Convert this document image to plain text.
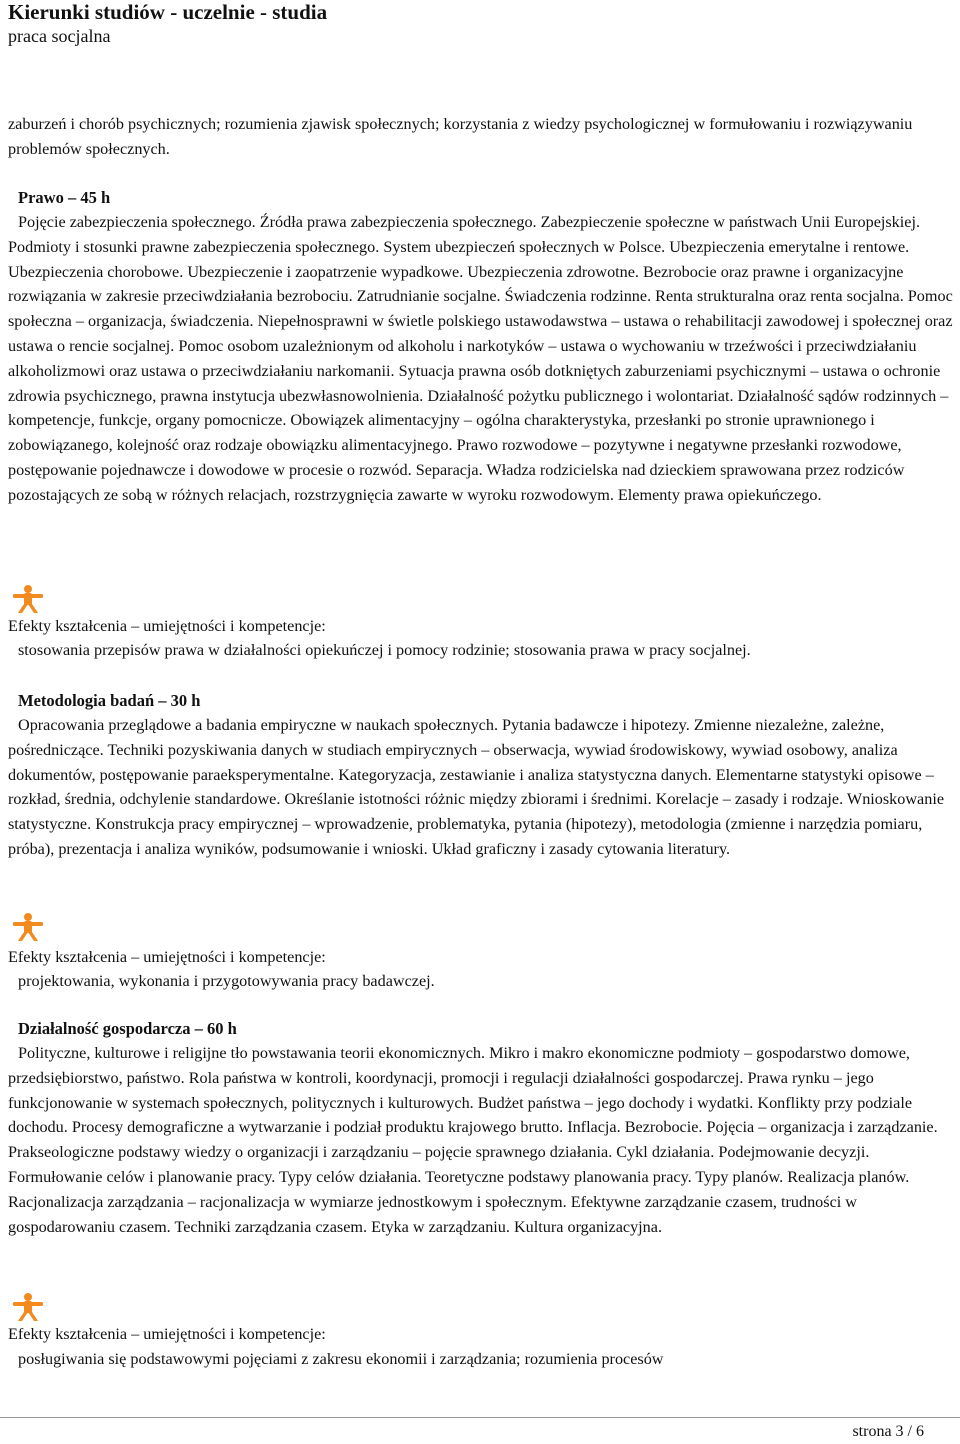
Kierunki studiów - uczelnie - studia
praca socjalna

zaburzeń i chorób psychicznych; rozumienia zjawisk społecznych; korzystania z wiedzy psychologicznej w formułowaniu i rozwiązywaniu problemów społecznych.

Prawo – 45 h

Pojęcie zabezpieczenia społecznego. Źródła prawa zabezpieczenia społecznego. Zabezpieczenie społeczne w państwach Unii Europejskiej. Podmioty i stosunki prawne zabezpieczenia społecznego. System ubezpieczeń społecznych w Polsce. Ubezpieczenia emerytalne i rentowe. Ubezpieczenia chorobowe. Ubezpieczenie i zaopatrzenie wypadkowe. Ubezpieczenia zdrowotne. Bezrobocie oraz prawne i organizacyjne rozwiązania w zakresie przeciwdziałania bezrobociu. Zatrudnianie socjalne. Świadczenia rodzinne. Renta strukturalna oraz renta socjalna. Pomoc społeczna – organizacja, świadczenia. Niepełnosprawni w świetle polskiego ustawodawstwa – ustawa o rehabilitacji zawodowej i społecznej oraz ustawa o rencie socjalnej. Pomoc osobom uzależnionym od alkoholu i narkotyków – ustawa o wychowaniu w trzeźwości i przeciwdziałaniu alkoholizmowi oraz ustawa o przeciwdziałaniu narkomanii. Sytuacja prawna osób dotkniętych zaburzeniami psychicznymi – ustawa o ochronie zdrowia psychicznego, prawna instytucja ubezwłasnowolnienia. Działalność pożytku publicznego i wolontariat. Działalność sądów rodzinnych – kompetencje, funkcje, organy pomocnicze. Obowiązek alimentacyjny – ogólna charakterystyka, przesłanki po stronie uprawnionego i zobowiązanego, kolejność oraz rodzaje obowiązku alimentacyjnego. Prawo rozwodowe – pozytywne i negatywne przesłanki rozwodowe, postępowanie pojednawcze i dowodowe w procesie o rozwód. Separacja. Władza rodzicielska nad dzieckiem sprawowana przez rodziców pozostających ze sobą w różnych relacjach, rozstrzygnięcia zawarte w wyroku rozwodowym. Elementy prawa opiekuńczego.

Efekty kształcenia – umiejętności i kompetencje:
stosowania przepisów prawa w działalności opiekuńczej i pomocy rodzinie; stosowania prawa w pracy socjalnej.
Metodologia badań – 30 h

Opracowania przeglądowe a badania empiryczne w naukach społecznych. Pytania badawcze i hipotezy. Zmienne niezależne, zależne, pośredniczące. Techniki pozyskiwania danych w studiach empirycznych – obserwacja, wywiad środowiskowy, wywiad osobowy, analiza dokumentów, postępowanie paraeksperymentalne. Kategoryzacja, zestawianie i analiza statystyczna danych. Elementarne statystyki opisowe – rozkład, średnia, odchylenie standardowe. Określanie istotności różnic między zbiorami i średnimi. Korelacje – zasady i rodzaje. Wnioskowanie statystyczne. Konstrukcja pracy empirycznej – wprowadzenie, problematyka, pytania (hipotezy), metodologia (zmienne i narzędzia pomiaru, próba), prezentacja i analiza wyników, podsumowanie i wnioski. Układ graficzny i zasady cytowania literatury.

Efekty kształcenia – umiejętności i kompetencje:
projektowania, wykonania i przygotowywania pracy badawczej.
Działalność gospodarcza – 60 h

Polityczne, kulturowe i religijne tło powstawania teorii ekonomicznych. Mikro i makro ekonomiczne podmioty – gospodarstwo domowe, przedsiębiorstwo, państwo. Rola państwa w kontroli, koordynacji, promocji i regulacji działalności gospodarczej. Prawa rynku – jego funkcjonowanie w systemach społecznych, politycznych i kulturowych. Budżet państwa – jego dochody i wydatki. Konflikty przy podziale dochodu. Procesy demograficzne a wytwarzanie i podział produktu krajowego brutto. Inflacja. Bezrobocie. Pojęcia – organizacja i zarządzanie. Prakseologiczne podstawy wiedzy o organizacji i zarządzaniu – pojęcie sprawnego działania. Cykl działania. Podejmowanie decyzji. Formułowanie celów i planowanie pracy. Typy celów działania. Teoretyczne podstawy planowania pracy. Typy planów. Realizacja planów. Racjonalizacja zarządzania – racjonalizacja w wymiarze jednostkowym i społecznym. Efektywne zarządzanie czasem, trudności w gospodarowaniu czasem. Techniki zarządzania czasem. Etyka w zarządzaniu. Kultura organizacyjna.

Efekty kształcenia – umiejętności i kompetencje:
posługiwania się podstawowymi pojęciami z zakresu ekonomii i zarządzania; rozumienia procesów
strona 3 / 6
